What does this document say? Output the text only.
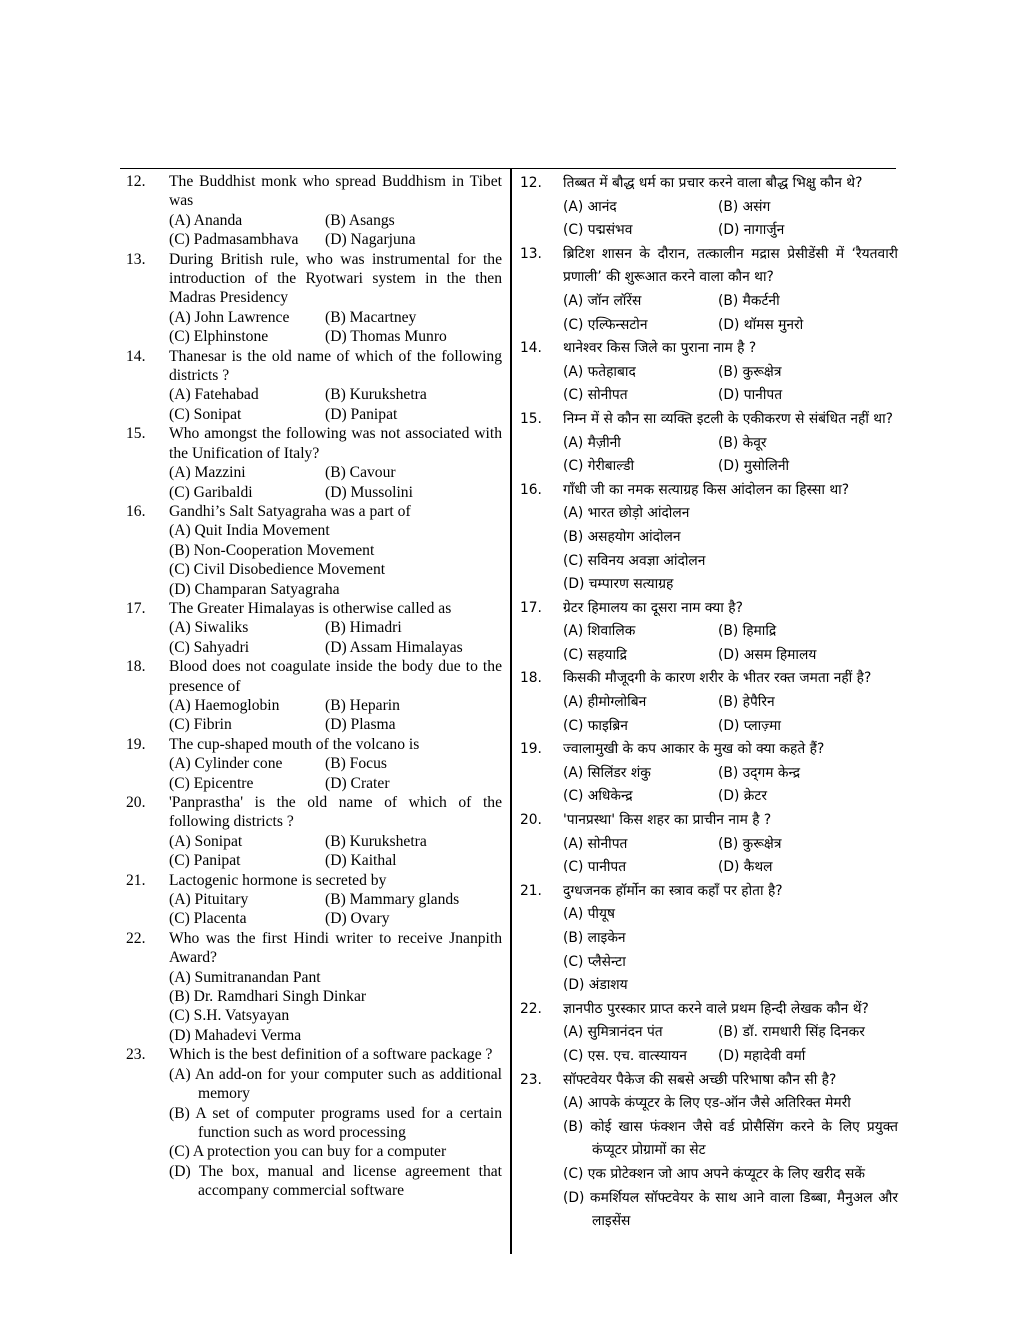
12. The Buddhist monk who spread Buddhism in Tibet was
(A) Ananda	(B) Asangs
(C) Padmasambhava	(D) Nagarjuna
13. During British rule, who was instrumental for the introduction of the Ryotwari system in the then Madras Presidency
(A) John Lawrence	(B) Macartney
(C) Elphinstone	(D) Thomas Munro
14. Thanesar is the old name of which of the following districts ?
(A) Fatehabad	(B) Kurukshetra
(C) Sonipat	(D) Panipat
15. Who amongst the following was not associated with the Unification of Italy?
(A) Mazzini	(B) Cavour
(C) Garibaldi	(D) Mussolini
16. Gandhi’s Salt Satyagraha was a part of
(A) Quit India Movement
(B) Non-Cooperation Movement
(C) Civil Disobedience Movement
(D) Champaran Satyagraha
17. The Greater Himalayas is otherwise called as
(A) Siwaliks	(B) Himadri
(C) Sahyadri	(D) Assam Himalayas
18. Blood does not coagulate inside the body due to the presence of
(A) Haemoglobin	(B) Heparin
(C) Fibrin	(D) Plasma
19. The cup-shaped mouth of the volcano is
(A) Cylinder cone	(B) Focus
(C) Epicentre	(D) Crater
20. 'Panprastha' is the old name of which of the following districts ?
(A) Sonipat	(B) Kurukshetra
(C) Panipat	(D) Kaithal
21. Lactogenic hormone is secreted by
(A) Pituitary	(B) Mammary glands
(C) Placenta	(D) Ovary
22. Who was the first Hindi writer to receive Jnanpith Award?
(A) Sumitranandan Pant
(B) Dr. Ramdhari Singh Dinkar
(C) S.H. Vatsyayan
(D) Mahadevi Verma
23. Which is the best definition of a software package ?
(A) An add-on for your computer such as additional memory
(B) A set of computer programs used for a certain function such as word processing
(C) A protection you can buy for a computer
(D) The box, manual and license agreement that accompany commercial software
12. तिब्बत में बौद्ध धर्म का प्रचार करने वाला बौद्ध भिक्षु कौन थे?
(A) आनंद	(B) असंग
(C) पद्मसंभव	(D) नागार्जुन
13. ब्रिटिश शासन के दौरान, तत्कालीन मद्रास प्रेसीडेंसी में ‘रैयतवारी प्रणाली’ की शुरूआत करने वाला कौन था?
(A) जॉन लॉरेंस	(B) मैकर्टनी
(C) एल्फिन्सटोन	(D) थॉमस मुनरो
14. थानेश्वर किस जिले का पुराना नाम है ?
(A) फतेहाबाद	(B) कुरूक्षेत्र
(C) सोनीपत	(D) पानीपत
15. निम्न में से कौन सा व्यक्ति इटली के एकीकरण से संबंधित नहीं था?
(A) मैज़ीनी	(B) केवूर
(C) गेरीबाल्डी	(D) मुसोलिनी
16. गाँधी जी का नमक सत्याग्रह किस आंदोलन का हिस्सा था?
(A) भारत छोड़ो आंदोलन
(B) असहयोग आंदोलन
(C) सविनय अवज्ञा आंदोलन
(D) चम्पारण सत्याग्रह
17. ग्रेटर हिमालय का दूसरा नाम क्या है?
(A) शिवालिक	(B) हिमाद्रि
(C) सहयाद्रि	(D) असम हिमालय
18. किसकी मौजूदगी के कारण शरीर के भीतर रक्त जमता नहीं है?
(A) हीमोग्लोबिन	(B) हेपैरिन
(C) फाइब्रिन	(D) प्लाज़्मा
19. ज्वालामुखी के कप आकार के मुख को क्या कहते हैं?
(A) सिलिंडर शंकु	(B) उद्‌गम केन्द्र
(C) अधिकेन्द्र	(D) क्रेटर
20. 'पानप्रस्था' किस शहर का प्राचीन नाम है ?
(A) सोनीपत	(B) कुरूक्षेत्र
(C) पानीपत	(D) कैथल
21. दुग्धजनक हॉर्मोन का स्त्राव कहाँ पर होता है?
(A) पीयूष
(B) लाइकेन
(C) प्लैसेन्टा
(D) अंडाशय
22. ज्ञानपीठ पुरस्कार प्राप्त करने वाले प्रथम हिन्दी लेखक कौन थें?
(A) सुमित्रानंदन पंत	(B) डॉ. रामधारी सिंह दिनकर
(C) एस. एच. वात्स्यायन	(D) महादेवी वर्मा
23. सॉफ्टवेयर पैकेज की सबसे अच्छी परिभाषा कौन सी है?
(A) आपके कंप्यूटर के लिए एड-ऑन जैसे अतिरिक्त मेमरी
(B) कोई खास फंक्शन जैसे वर्ड प्रोसैसिंग करने के लिए प्रयुक्त कंप्यूटर प्रोग्रामों का सेट
(C) एक प्रोटेक्शन जो आप अपने कंप्यूटर के लिए खरीद सकें
(D) कमर्शियल सॉफ्टवेयर के साथ आने वाला डिब्बा, मैनुअल और लाइसेंस
